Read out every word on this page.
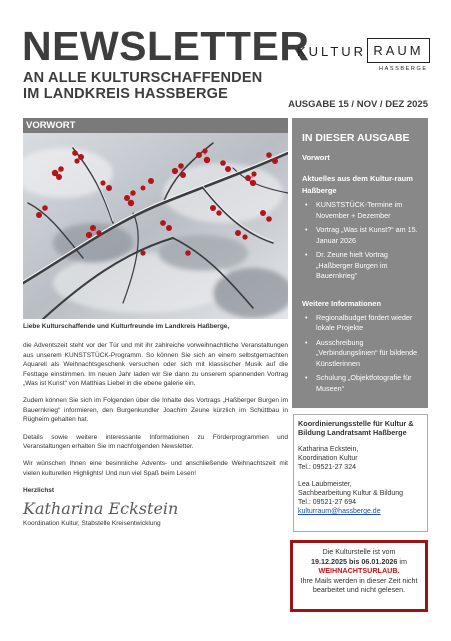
NEWSLETTER
AN ALLE KULTURSCHAFFENDEN
IM LANDKREIS HASSBERGE
KULTUR RAUM
HASSBERGE
AUSGABE 15 / NOV / DEZ 2025
VORWORT
IN DIESER AUSGABE
Vorwort
Aktuelles aus dem Kultur-raum Haßberge
• KUNSTSTÜCK-Termine im November + Dezember
• Vortrag „Was ist Kunst?“ am 15. Januar 2026
• Dr. Zeune hielt Vortrag „Haßberger Burgen im Bauernkrieg“
Weitere Informationen
• Regionalbudget fördert wieder lokale Projekte
• Ausschreibung „Verbindungslinien“ für bildende Künstlerinnen
• Schulung „Objektfotografie für Museen“

Liebe Kulturschaffende und Kulturfreunde im Landkreis Haßberge,

die Adventszeit steht vor der Tür und mit ihr zahlreiche vorweihnachtliche Veranstaltungen aus unserem KUNSTSTÜCK-Programm. So können Sie sich an einem selbstgemachten Aquarell als Weihnachtsgeschenk versuchen oder sich mit klassischer Musik auf die Festtage einstimmen. Im neuen Jahr laden wir Sie dann zu unserem spannenden Vortrag „Was ist Kunst“ von Matthias Liebel in die ebene galerie ein.

Zudem können Sie sich im Folgenden über die Inhalte des Vortrags „Haßberger Burgen im Bauernkrieg“ informieren, den Burgenkundler Joachim Zeune kürzlich im Schüttbau in Rügheim gehalten hat.

Details sowie weitere interessante Informationen zu Förderprogrammen und Veranstaltungen erhalten Sie im nachfolgenden Newsletter.

Wir wünschen Ihnen eine besinnliche Advents- und anschließende Weihnachtszeit mit vielen kulturellen Highlights! Und nun viel Spaß beim Lesen!

Herzlichst

Katharina Eckstein
Koordination Kultur, Stabstelle Kreisentwicklung
Koordinierungsstelle für Kultur & Bildung Landratsamt Haßberge
Katharina Eckstein,
Koordination Kultur
Tel.: 09521-27 324
Lea Laubmeister,
Sachbearbeitung Kultur & Bildung
Tel.: 09521-27 694
kulturraum@hassberge.de
Die Kulturstelle ist vom
19.12.2025 bis 06.01.2026 im
WEIHNACHTSURLAUB.
Ihre Mails werden in dieser Zeit nicht bearbeitet und nicht gelesen.
